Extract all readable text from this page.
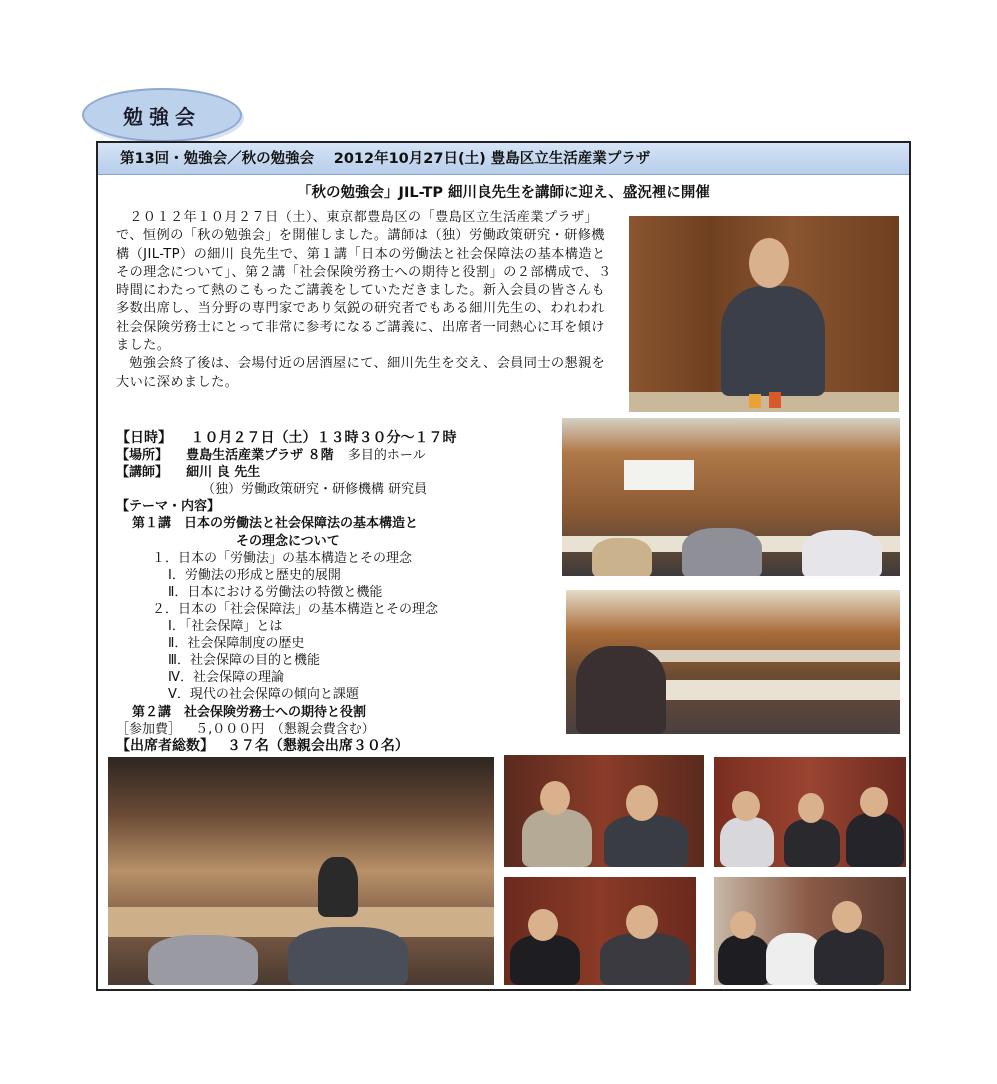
勉強会
第13回・勉強会／秋の勉強会　 2012年10月27日(土) 豊島区立生活産業プラザ
「秋の勉強会」JIL-TP 細川良先生を講師に迎え、盛況裡に開催

２０１２年１０月２７日（土）、東京都豊島区の「豊島区立生活産業プラザ」で、恒例の「秋の勉強会」を開催しました。講師は（独）労働政策研究・研修機構（JIL-TP）の細川 良先生で、第１講「日本の労働法と社会保障法の基本構造とその理念について」、第２講「社会保険労務士への期待と役割」の２部構成で、３時間にわたって熱のこもったご講義をしていただきました。新入会員の皆さんも多数出席し、当分野の専門家であり気鋭の研究者でもある細川先生の、われわれ社会保険労務士にとって非常に参考になるご講義に、出席者一同熱心に耳を傾けました。

勉強会終了後は、会場付近の居酒屋にて、細川先生を交え、会員同士の懇親を大いに深めました。

【日時】 １０月２７日（土）１３時３０分～１７時
【場所】 豊島生活産業プラザ ８階 多目的ホール
【講師】 細川 良 先生
（独）労働政策研究・研修機構 研究員
【テーマ・内容】
第１講　日本の労働法と社会保障法の基本構造と
その理念について
１．日本の「労働法」の基本構造とその理念
Ⅰ．労働法の形成と歴史的展開
Ⅱ．日本における労働法の特徴と機能
２．日本の「社会保障法」の基本構造とその理念
Ⅰ．「社会保障」とは
Ⅱ．社会保障制度の歴史
Ⅲ．社会保障の目的と機能
Ⅳ．社会保障の理論
Ⅴ．現代の社会保障の傾向と課題
第２講　社会保険労務士への期待と役割
［参加費］ ５,０００円　（懇親会費含む）
【出席者総数】 ３７名（懇親会出席３０名）
